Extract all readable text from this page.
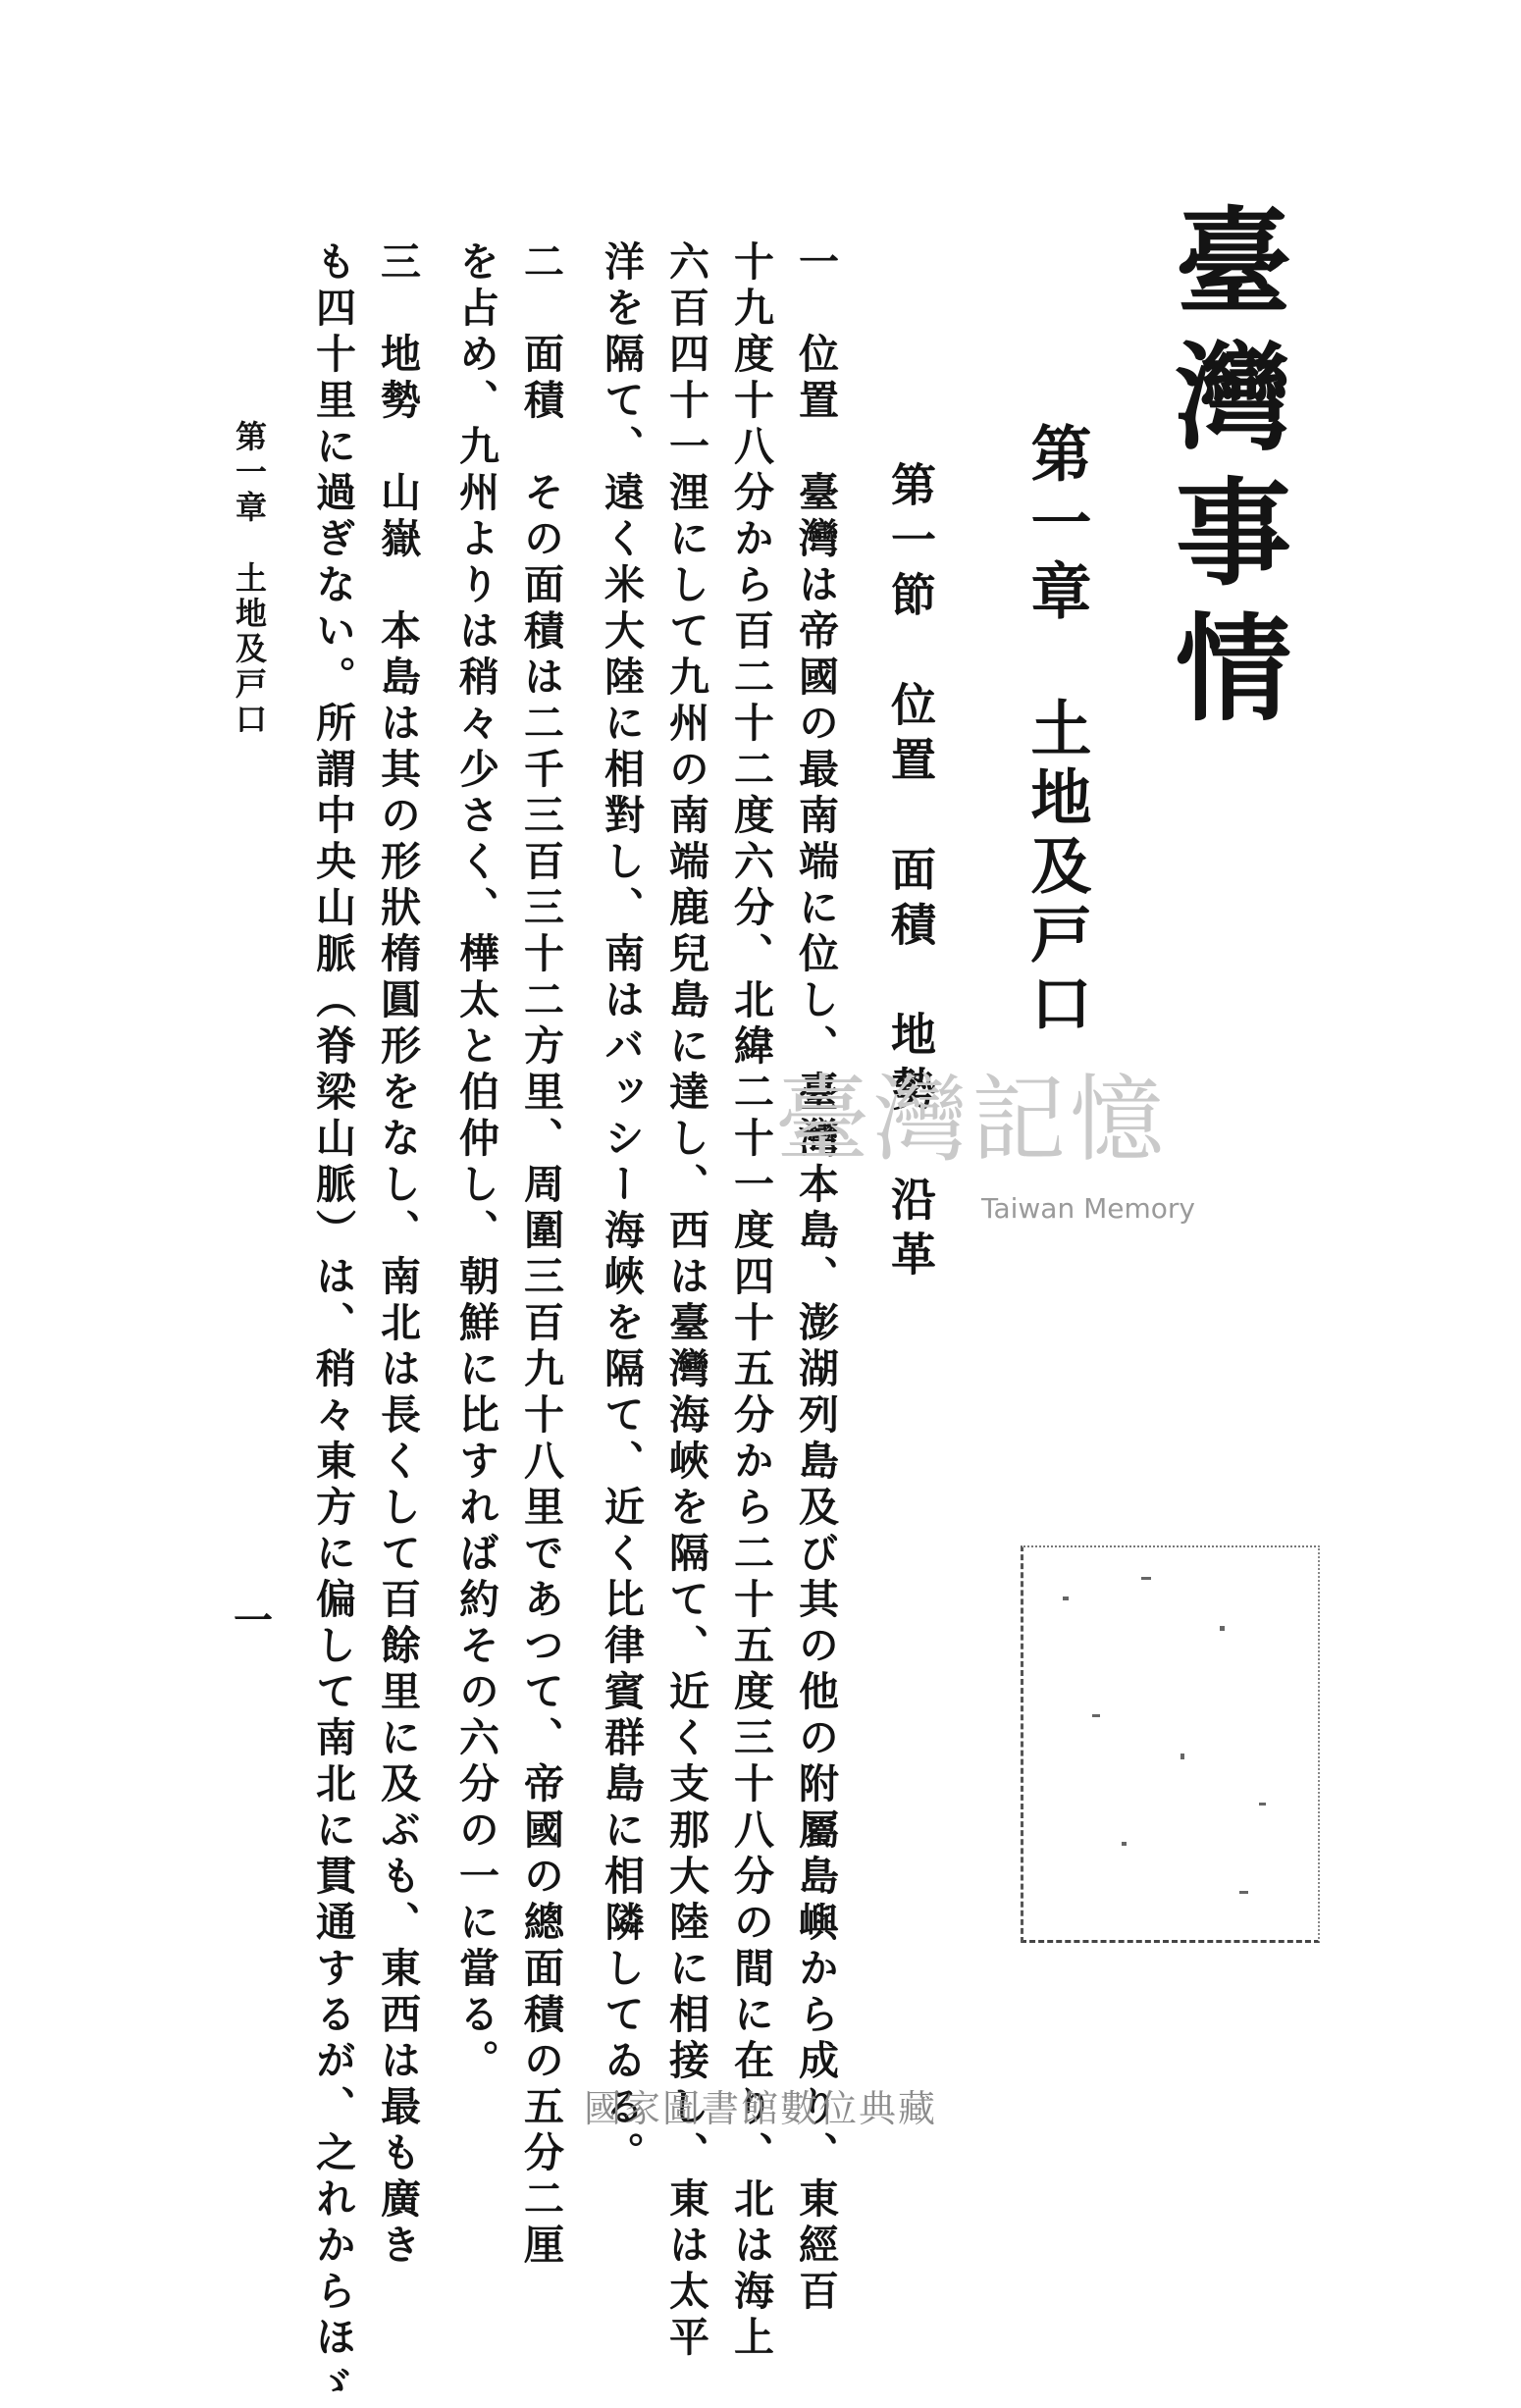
臺灣事情
第一章　土地及戸口
第一節　位置　面積　地勢　沿革
一　位置　臺灣は帝國の最南端に位し、臺灣本島、澎湖列島及び其の他の附屬島嶼から成り、東經百
十九度十八分から百二十二度六分、北緯二十一度四十五分から二十五度三十八分の間に在り、北は海上
六百四十一浬にして九州の南端鹿兒島に達し、西は臺灣海峽を隔て、近く支那大陸に相接し、東は太平
洋を隔て、遠く米大陸に相對し、南はバッシー海峽を隔て、近く比律賓群島に相隣してゐる。
二　面積　その面積は二千三百三十二方里、周圍三百九十八里であつて、帝國の總面積の五分二厘
を占め、九州よりは稍々少さく、樺太と伯仲し、朝鮮に比すれば約その六分の一に當る。
三　地勢　山嶽　本島は其の形狀楕圓形をなし、南北は長くして百餘里に及ぶも、東西は最も廣き
も四十里に過ぎない。所謂中央山脈（脊梁山脈）は、稍々東方に偏して南北に貫通するが、之れからほゞ
第一章　土地及戸口
一
臺灣記憶
Taiwan Memory
國家圖書館數位典藏
